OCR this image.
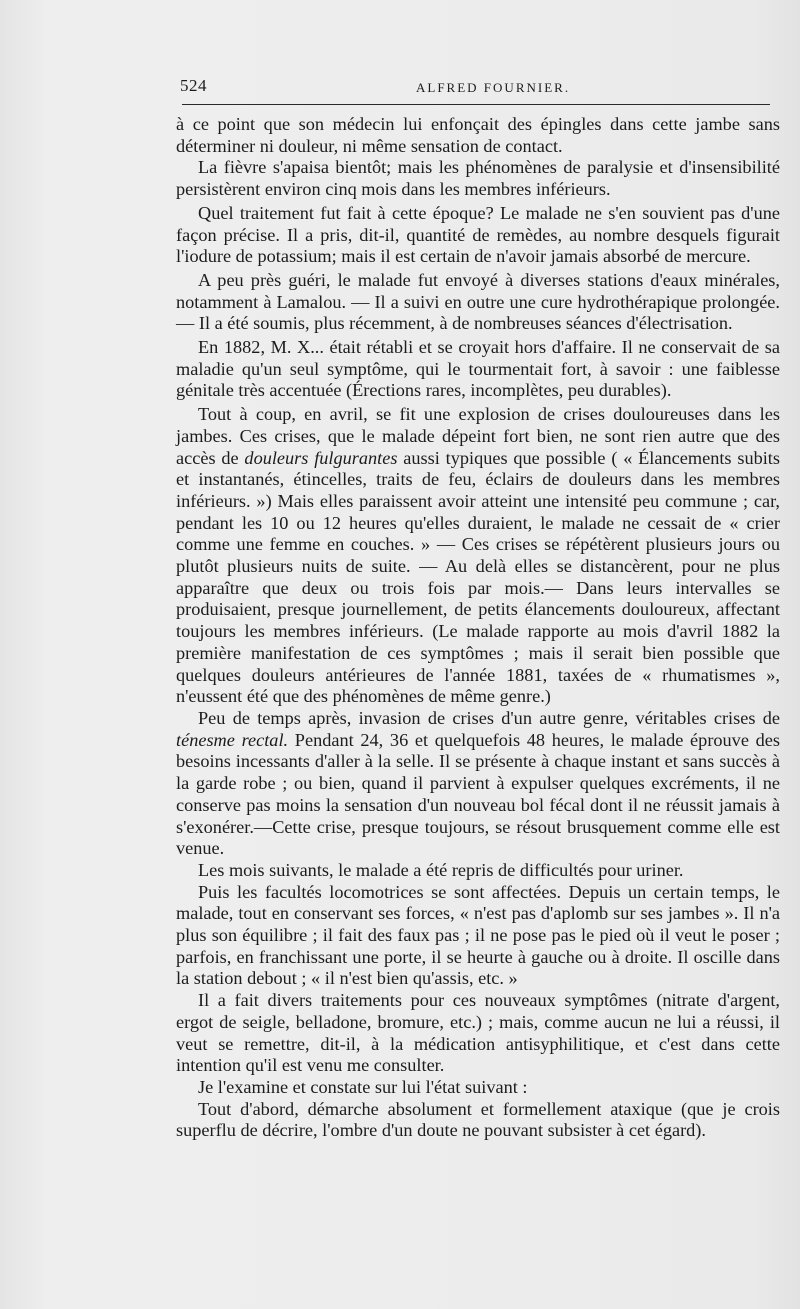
524	ALFRED FOURNIER.

à ce point que son médecin lui enfonçait des épingles dans cette jambe sans déterminer ni douleur, ni même sensation de contact.

La fièvre s'apaisa bientôt; mais les phénomènes de paralysie et d'insensibilité persistèrent environ cinq mois dans les membres inférieurs.

Quel traitement fut fait à cette époque? Le malade ne s'en souvient pas d'une façon précise. Il a pris, dit-il, quantité de remèdes, au nombre desquels figurait l'iodure de potassium; mais il est certain de n'avoir jamais absorbé de mercure.

A peu près guéri, le malade fut envoyé à diverses stations d'eaux minérales, notamment à Lamalou. — Il a suivi en outre une cure hydrothérapique prolongée.— Il a été soumis, plus récemment, à de nombreuses séances d'électrisation.

En 1882, M. X... était rétabli et se croyait hors d'affaire. Il ne conservait de sa maladie qu'un seul symptôme, qui le tourmentait fort, à savoir : une faiblesse génitale très accentuée (Érections rares, incomplètes, peu durables).

Tout à coup, en avril, se fit une explosion de crises douloureuses dans les jambes. Ces crises, que le malade dépeint fort bien, ne sont rien autre que des accès de douleurs fulgurantes aussi typiques que possible ( « Élancements subits et instantanés, étincelles, traits de feu, éclairs de douleurs dans les membres inférieurs. ») Mais elles paraissent avoir atteint une intensité peu commune ; car, pendant les 10 ou 12 heures qu'elles duraient, le malade ne cessait de « crier comme une femme en couches. » — Ces crises se répétèrent plusieurs jours ou plutôt plusieurs nuits de suite. — Au delà elles se distancèrent, pour ne plus apparaître que deux ou trois fois par mois.— Dans leurs intervalles se produisaient, presque journellement, de petits élancements douloureux, affectant toujours les membres inférieurs. (Le malade rapporte au mois d'avril 1882 la première manifestation de ces symptômes ; mais il serait bien possible que quelques douleurs antérieures de l'année 1881, taxées de « rhumatismes », n'eussent été que des phénomènes de même genre.)

Peu de temps après, invasion de crises d'un autre genre, véritables crises de ténesme rectal. Pendant 24, 36 et quelquefois 48 heures, le malade éprouve des besoins incessants d'aller à la selle. Il se présente à chaque instant et sans succès à la garde robe ; ou bien, quand il parvient à expulser quelques excréments, il ne conserve pas moins la sensation d'un nouveau bol fécal dont il ne réussit jamais à s'exonérer.—Cette crise, presque toujours, se résout brusquement comme elle est venue.

Les mois suivants, le malade a été repris de difficultés pour uriner.

Puis les facultés locomotrices se sont affectées. Depuis un certain temps, le malade, tout en conservant ses forces, « n'est pas d'aplomb sur ses jambes ». Il n'a plus son équilibre ; il fait des faux pas ; il ne pose pas le pied où il veut le poser ; parfois, en franchissant une porte, il se heurte à gauche ou à droite. Il oscille dans la station debout ; « il n'est bien qu'assis, etc. »

Il a fait divers traitements pour ces nouveaux symptômes (nitrate d'argent, ergot de seigle, belladone, bromure, etc.) ; mais, comme aucun ne lui a réussi, il veut se remettre, dit-il, à la médication antisyphilitique, et c'est dans cette intention qu'il est venu me consulter.

Je l'examine et constate sur lui l'état suivant :

Tout d'abord, démarche absolument et formellement ataxique (que je crois superflu de décrire, l'ombre d'un doute ne pouvant subsister à cet égard).
